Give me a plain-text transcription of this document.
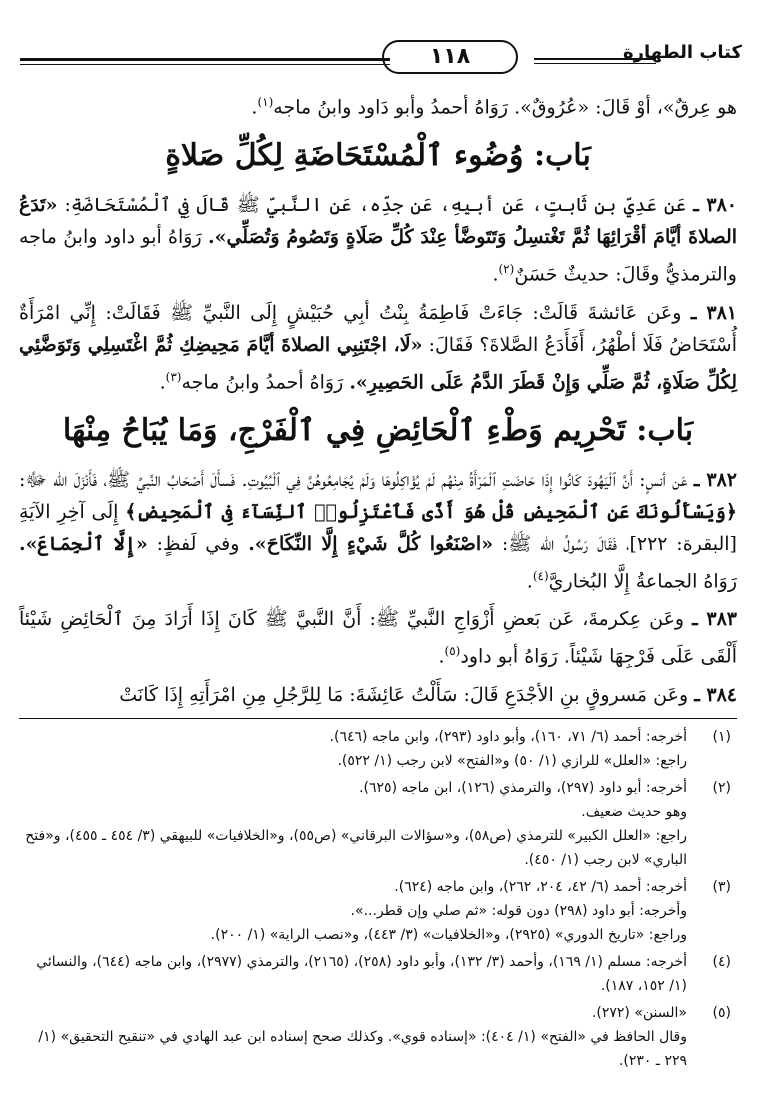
كتاب الطهارة
١١٨

هو عِرقٌ»، أوْ قَالَ: «عُرُوقٌ». رَوَاهُ أحمدُ وأبو دَاود وابنُ ماجه$^{(١)}$.

بَاب: وُضُوء ٱلْمُسْتَحَاضَةِ لِكُلِّ صَلاةٍ

٣٨٠ ـ عَن عَدِيِّ بنِ ثَابتٍ، عَن أبيهِ، عَن جدِّه، عَنِ النَّبيِّ ﷺ قَالَ فِي ٱلْمُسْتَحَاضَةِ: «تَدَعُ الصلاةَ أيَّامَ أقْرَائِهَا ثُمَّ تَغْتسِلُ وَتَتَوضَّأ عِنْدَ كُلِّ صَلَاةٍ وَتَصُومُ وَتُصَلِّي». رَوَاهُ أبو داود وابنُ ماجه والترمذيُّ وقَالَ: حديثٌ حَسَنٌ$^{(٢)}$.

٣٨١ ـ وعَن عَائشةَ قَالَتْ: جَاءَتْ فَاطِمَةُ بِنْتُ أبِي حُبَيْشٍ إِلَى النَّبيِّ ﷺ فَقَالَتْ: إِنِّي امْرَأَةٌ أُسْتَحَاضُ فَلَا أطْهُرُ، أَفَأَدَعُ الصَّلاةَ؟ فَقَالَ: «لَا، اجْتَنِبِي الصلاةَ أيَّامَ مَحِيضِكِ ثُمَّ اغْتَسِلِي وَتَوَضَّئِي لِكُلِّ صَلَاةٍ، ثُمَّ صَلِّي وَإِنْ قَطَرَ الدَّمُ عَلَى الحَصِيرِ». رَوَاهُ أحمدُ وابنُ ماجه$^{(٣)}$.

بَاب: تَحْرِيم وَطْءِ ٱلْحَائِضِ فِي ٱلْفَرْجِ، وَمَا يُبَاحُ مِنْهَا

٣٨٢ ـ عَن أنسٍ: أَنَّ ٱلْيَهُودَ كَانُوا إِذَا حَاضَتِ ٱلْمَرْأَةُ مِنْهُم لَمْ يُؤَاكِلُوهَا وَلَمْ يُجَامِعُوهُنَّ فِي ٱلْبُيُوتِ. فَسأَلَ أَصْحَابُ النَّبيِّ ﷺ، فَأَنْزَلَ الله ﷻ: ﴿وَيَسْأَلُونَكَ عَنِ ٱلْمَحِيضِ قُلْ هُوَ أَذًى فَٱعْتَزِلُوا۟ ٱلنِّسَآءَ فِى ٱلْمَحِيضِ﴾ إِلَى آخِرِ الآيَةِ [البقرة: ٢٢٢]، فَقَالَ رَسُولُ الله ﷺ: «اصْنَعُوا كُلَّ شَيْءٍ إِلَّا النِّكَاحَ». وفي لَفظٍ: «إِلَّا ٱلْجِمَاعَ». رَوَاهُ الجماعةُ إِلَّا البُخاريَّ$^{(٤)}$.

٣٨٣ ـ وعَن عِكرمةَ، عَن بَعضِ أَزْوَاجِ النَّبيِّ ﷺ: أَنَّ النَّبيَّ ﷺ كَانَ إِذَا أَرَادَ مِنَ ٱلْحَائِضِ شَيْئاً أَلْقَى عَلَى فَرْجِهَا شَيْئاً. رَوَاهُ أبو داود$^{(٥)}$.

٣٨٤ ـ وعَن مَسروقٍ بنِ الأجْدَعِ قَالَ: سَأَلْتُ عَائِشَةَ: مَا لِلرَّجُلِ مِنِ امْرَأَتِهِ إِذَا كَانَتْ

(١)
أخرجه: أحمد (٦/ ٧١، ١٦٠)، وأبو داود (٢٩٣)، وابن ماجه (٦٤٦).
راجع: «العلل» للرازي (١/ ٥٠) و«الفتح» لابن رجب (١/ ٥٢٢).
(٢)
أخرجه: أبو داود (٢٩٧)، والترمذي (١٢٦)، ابن ماجه (٦٢٥).
وهو حديث ضعيف.
راجع: «العلل الكبير» للترمذي (ص٥٨)، و«سؤالات البرقاني» (ص٥٥)، و«الخلافيات» للبيهقي (٣/ ٤٥٤ ـ ٤٥٥)، و«فتح الباري» لابن رجب (١/ ٤٥٠).
(٣)
أخرجه: أحمد (٦/ ٤٢، ٢٠٤، ٢٦٢)، وابن ماجه (٦٢٤).
وأخرجه: أبو داود (٢٩٨) دون قوله: «ثم صلي وإن قطر...».
وراجع: «تاريخ الدوري» (٢٩٢٥)، و«الخلافيات» (٣/ ٤٤٣)، و«نصب الراية» (١/ ٢٠٠).
(٤)
أخرجه: مسلم (١/ ١٦٩)، وأحمد (٣/ ١٣٢)، وأبو داود (٢٥٨)، (٢١٦٥)، والترمذي (٢٩٧٧)، وابن ماجه (٦٤٤)، والنسائي (١/ ١٥٢، ١٨٧).
(٥)
«السنن» (٢٧٢).
وقال الحافظ في «الفتح» (١/ ٤٠٤): «إسناده قوي». وكذلك صحح إسناده ابن عبد الهادي في «تنقيح التحقيق» (١/ ٢٢٩ ـ ٢٣٠).
